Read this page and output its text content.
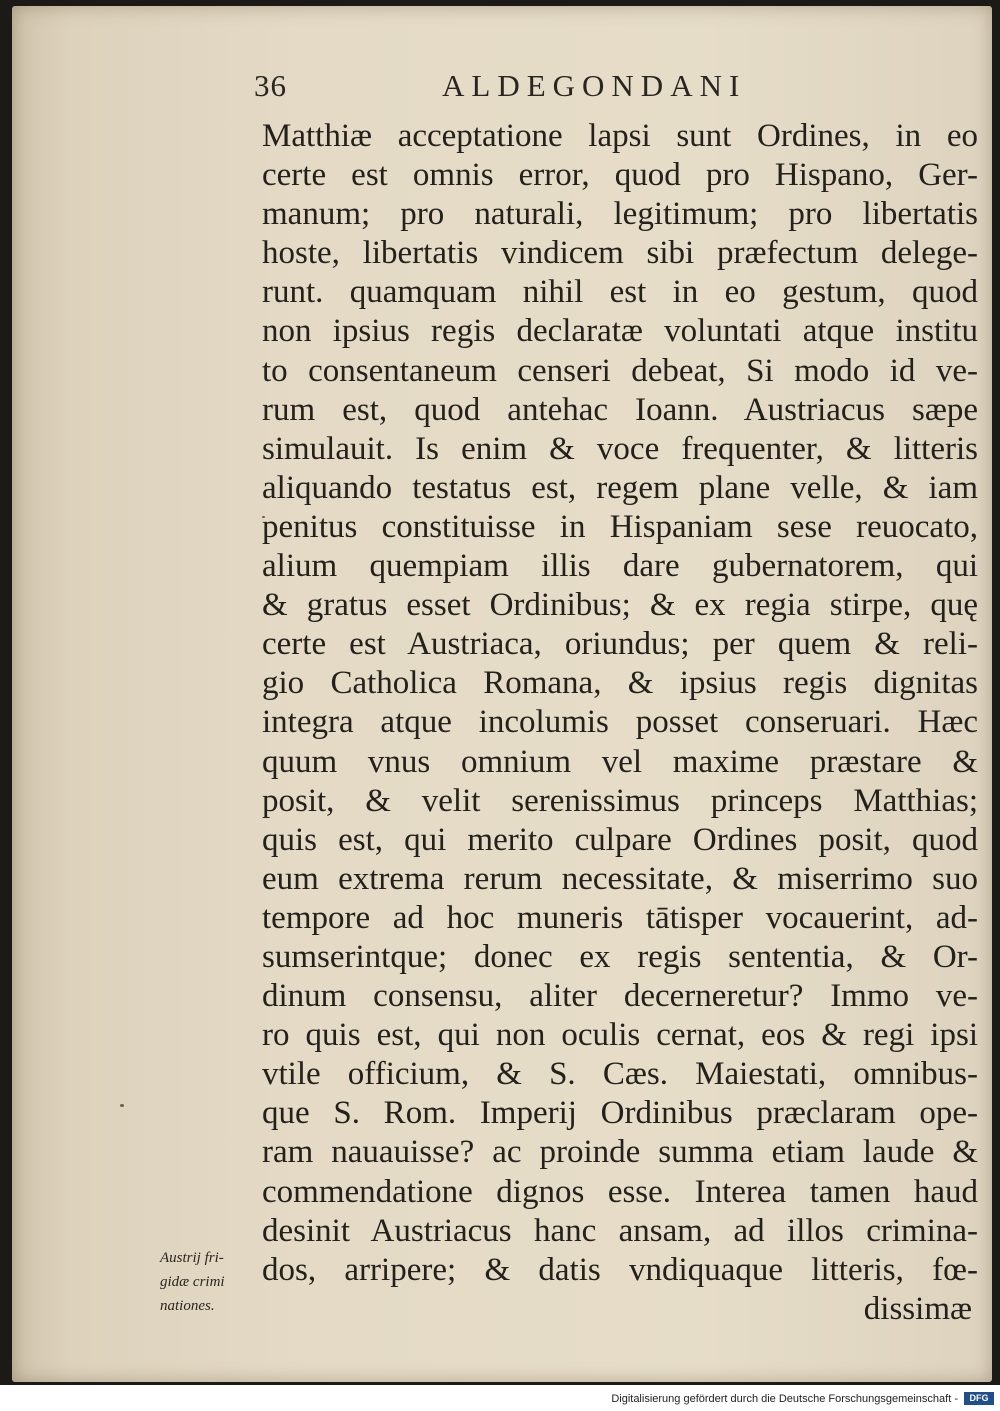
36	ALDEGONDANI
Matthiæ acceptatione lapsi sunt Ordines, in eo
certe est omnis error, quod pro Hispano, Ger-
manum; pro naturali, legitimum; pro libertatis
hoste, libertatis vindicem sibi præfectum delege-
runt. quamquam nihil est in eo gestum, quod
non ipsius regis declaratæ voluntati atque institu
to consentaneum censeri debeat, Si modo id ve-
rum est, quod antehac Ioann. Austriacus sæpe
simulauit. Is enim & voce frequenter, & litteris
aliquando testatus est, regem plane velle, & iam
penitus constituisse in Hispaniam sese reuocato,
alium quempiam illis dare gubernatorem, qui
& gratus esset Ordinibus; & ex regia stirpe, quę
certe est Austriaca, oriundus; per quem & reli-
gio Catholica Romana, & ipsius regis dignitas
integra atque incolumis posset conseruari. Hæc
quum vnus omnium vel maxime præstare &
posit, & velit serenissimus princeps Matthias;
quis est, qui merito culpare Ordines posit, quod
eum extrema rerum necessitate, & miserrimo suo
tempore ad hoc muneris tātisper vocauerint, ad-
sumserintque; donec ex regis sententia, & Or-
dinum consensu, aliter decerneretur? Immo ve-
ro quis est, qui non oculis cernat, eos & regi ipsi
vtile officium, & S. Cæs. Maiestati, omnibus-
que S. Rom. Imperij Ordinibus præclaram ope-
ram nauauisse? ac proinde summa etiam laude &
commendatione dignos esse. Interea tamen haud
desinit Austriacus hanc ansam, ad illos crimina-
dos, arripere; & datis vndiquaque litteris, fœ-
dissimæ
Austrij fri-
gidæ crimi
nationes.
Digitalisierung gefördert durch die Deutsche Forschungsgemeinschaft -	DFG
